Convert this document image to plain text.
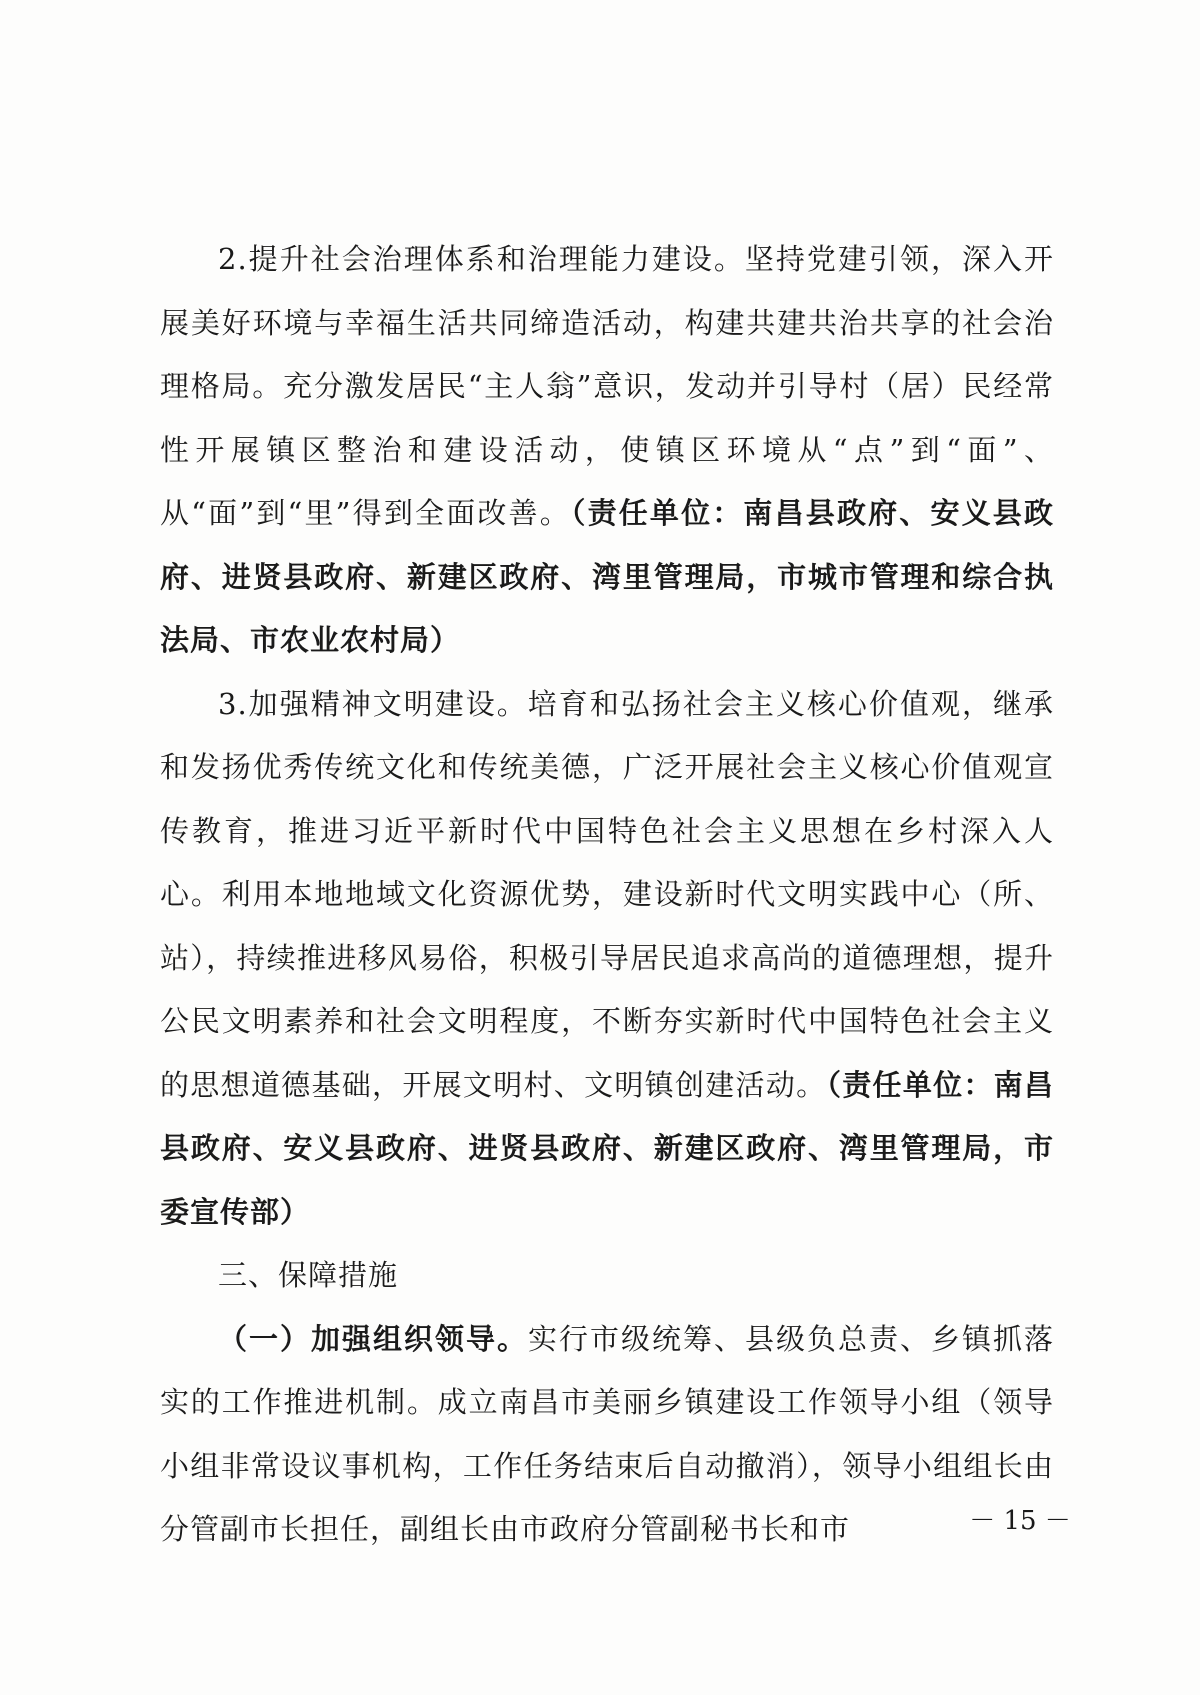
2.提升社会治理体系和治理能力建设。坚持党建引领，深入开展美好环境与幸福生活共同缔造活动，构建共建共治共享的社会治理格局。充分激发居民“主人翁”意识，发动并引导村（居）民经常性开展镇区整治和建设活动，使镇区环境从“点”到“面”、从“面”到“里”得到全面改善。（责任单位：南昌县政府、安义县政府、进贤县政府、新建区政府、湾里管理局，市城市管理和综合执法局、市农业农村局）

3.加强精神文明建设。培育和弘扬社会主义核心价值观，继承和发扬优秀传统文化和传统美德，广泛开展社会主义核心价值观宣传教育，推进习近平新时代中国特色社会主义思想在乡村深入人心。利用本地地域文化资源优势，建设新时代文明实践中心（所、站），持续推进移风易俗，积极引导居民追求高尚的道德理想，提升公民文明素养和社会文明程度，不断夯实新时代中国特色社会主义的思想道德基础，开展文明村、文明镇创建活动。（责任单位：南昌县政府、安义县政府、进贤县政府、新建区政府、湾里管理局，市委宣传部）

三、保障措施

（一）加强组织领导。实行市级统筹、县级负总责、乡镇抓落实的工作推进机制。成立南昌市美丽乡镇建设工作领导小组（领导小组非常设议事机构，工作任务结束后自动撤消），领导小组组长由分管副市长担任，副组长由市政府分管副秘书长和市	－ 15 －
